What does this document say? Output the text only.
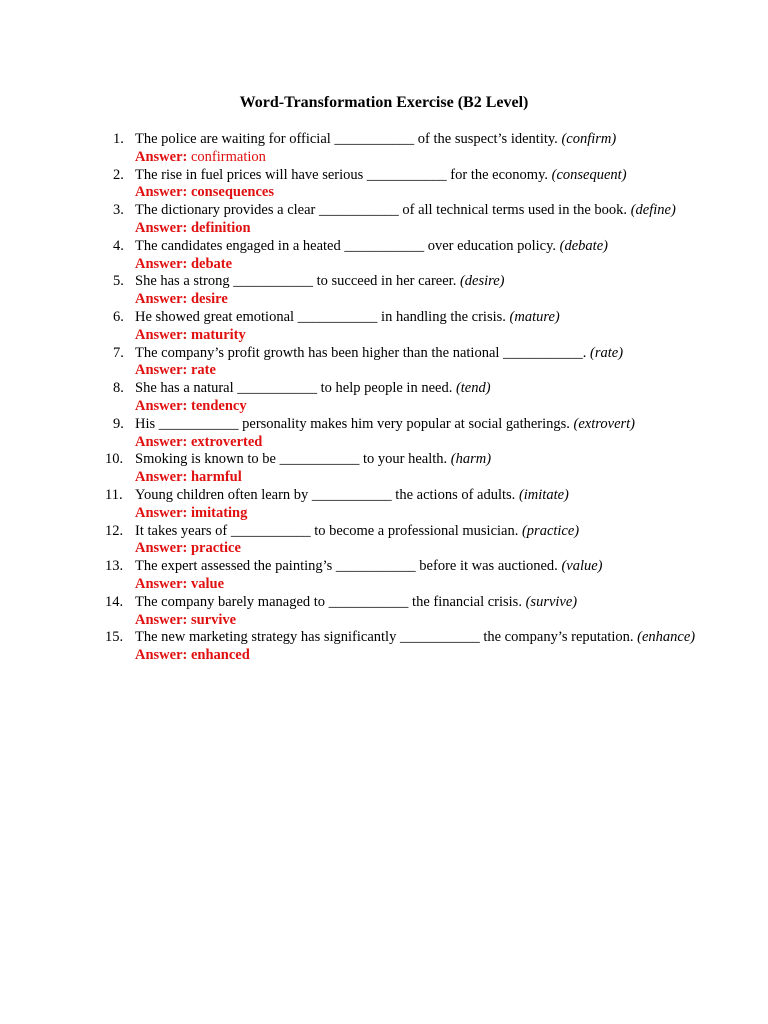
Word-Transformation Exercise (B2 Level)
1. The police are waiting for official ___________ of the suspect’s identity. (confirm)
Answer: confirmation
2. The rise in fuel prices will have serious ___________ for the economy. (consequent)
Answer: consequences
3. The dictionary provides a clear ___________ of all technical terms used in the book. (define)
Answer: definition
4. The candidates engaged in a heated ___________ over education policy. (debate)
Answer: debate
5. She has a strong ___________ to succeed in her career. (desire)
Answer: desire
6. He showed great emotional ___________ in handling the crisis. (mature)
Answer: maturity
7. The company’s profit growth has been higher than the national ___________. (rate)
Answer: rate
8. She has a natural ___________ to help people in need. (tend)
Answer: tendency
9. His ___________ personality makes him very popular at social gatherings. (extrovert)
Answer: extroverted
10. Smoking is known to be ___________ to your health. (harm)
Answer: harmful
11. Young children often learn by ___________ the actions of adults. (imitate)
Answer: imitating
12. It takes years of ___________ to become a professional musician. (practice)
Answer: practice
13. The expert assessed the painting’s ___________ before it was auctioned. (value)
Answer: value
14. The company barely managed to ___________ the financial crisis. (survive)
Answer: survive
15. The new marketing strategy has significantly ___________ the company’s reputation. (enhance)
Answer: enhanced
